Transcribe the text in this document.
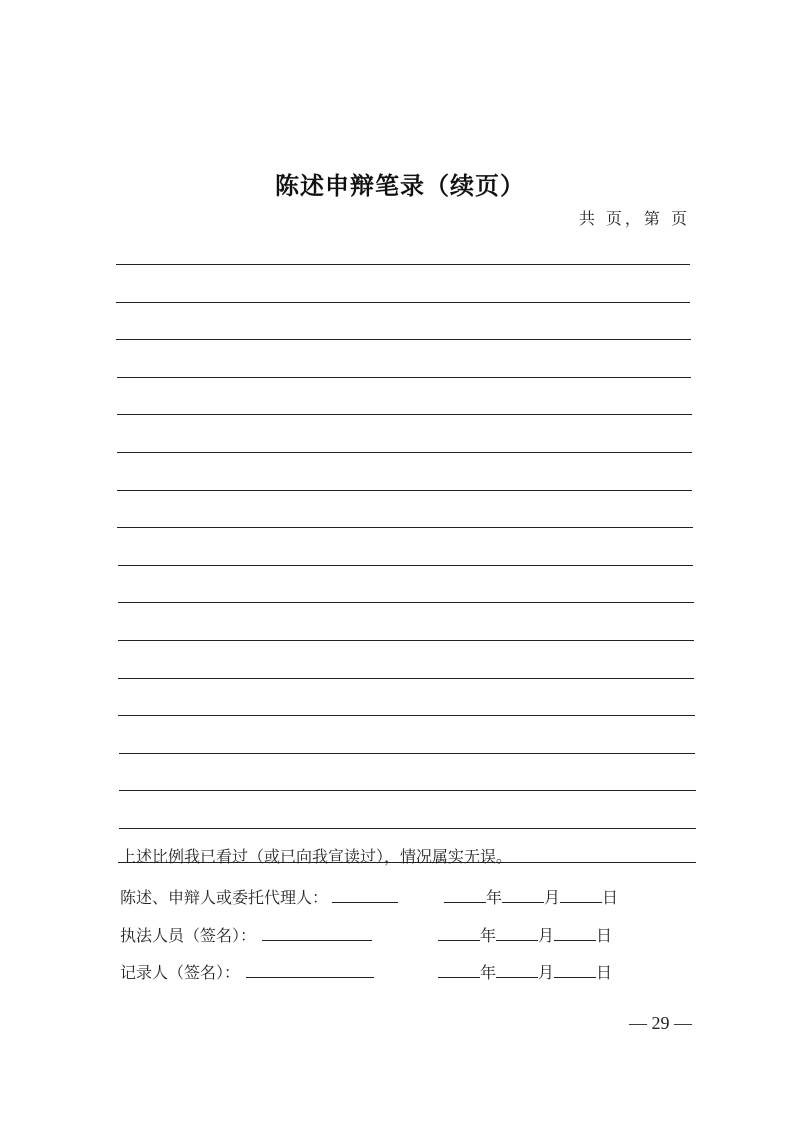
陈述申辩笔录（续页）
共 页，第 页
上述比例我已看过（或已向我宣读过），情况属实无误。
陈述、申辩人或委托代理人：	年	月	日
执法人员（签名）：	年	月	日
记录人（签名）：	年	月	日
— 29 —
